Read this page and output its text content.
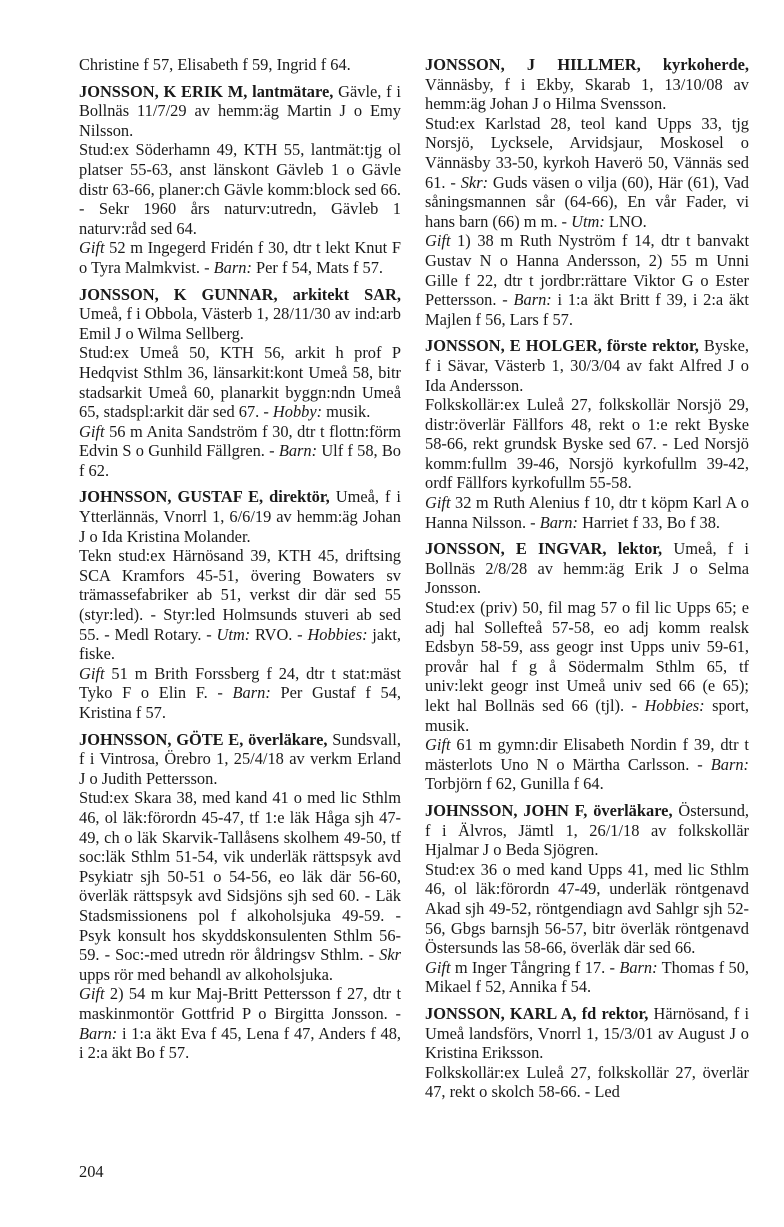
Christine f 57, Elisabeth f 59, Ingrid f 64.

JONSSON, K ERIK M, lantmätare, Gävle, f i Bollnäs 11/7/29 av hemm:äg Martin J o Emy Nilsson.

Stud:ex Söderhamn 49, KTH 55, lantmät:tjg ol platser 55-63, anst länskont Gävleb 1 o Gävle distr 63-66, planer:ch Gävle komm:block sed 66. - Sekr 1960 års naturv:utredn, Gävleb 1 naturv:råd sed 64.

Gift 52 m Ingegerd Fridén f 30, dtr t lekt Knut F o Tyra Malmkvist. - Barn: Per f 54, Mats f 57.

JONSSON, K GUNNAR, arkitekt SAR, Umeå, f i Obbola, Västerb 1, 28/11/30 av ind:arb Emil J o Wilma Sellberg.

Stud:ex Umeå 50, KTH 56, arkit h prof P Hedqvist Sthlm 36, länsarkit:kont Umeå 58, bitr stadsarkit Umeå 60, planarkit byggn:ndn Umeå 65, stadspl:arkit där sed 67. - Hobby: musik.

Gift 56 m Anita Sandström f 30, dtr t flottn:förm Edvin S o Gunhild Fällgren. - Barn: Ulf f 58, Bo f 62.

JOHNSSON, GUSTAF E, direktör, Umeå, f i Ytterlännäs, Vnorrl 1, 6/6/19 av hemm:äg Johan J o Ida Kristina Molander.

Tekn stud:ex Härnösand 39, KTH 45, driftsing SCA Kramfors 45-51, övering Bowaters sv trämassefabriker ab 51, verkst dir där sed 55 (styr:led). - Styr:led Holmsunds stuveri ab sed 55. - Medl Rotary. - Utm: RVO. - Hobbies: jakt, fiske.

Gift 51 m Brith Forssberg f 24, dtr t stat:mäst Tyko F o Elin F. - Barn: Per Gustaf f 54, Kristina f 57.

JOHNSSON, GÖTE E, överläkare, Sundsvall, f i Vintrosa, Örebro 1, 25/4/18 av verkm Erland J o Judith Pettersson.

Stud:ex Skara 38, med kand 41 o med lic Sthlm 46, ol läk:förordn 45-47, tf 1:e läk Håga sjh 47-49, ch o läk Skarvik-Tallåsens skolhem 49-50, tf soc:läk Sthlm 51-54, vik underläk rättspsyk avd Psykiatr sjh 50-51 o 54-56, eo läk där 56-60, överläk rättspsyk avd Sidsjöns sjh sed 60. - Läk Stadsmissionens pol f alkoholsjuka 49-59. - Psyk konsult hos skyddskonsulenten Sthlm 56-59. - Soc:-med utredn rör åldringsv Sthlm. - Skr upps rör med behandl av alkoholsjuka.

Gift 2) 54 m kur Maj-Britt Pettersson f 27, dtr t maskinmontör Gottfrid P o Birgitta Jonsson. - Barn: i 1:a äkt Eva f 45, Lena f 47, Anders f 48, i 2:a äkt Bo f 57.

JONSSON, J HILLMER, kyrkoherde, Vännäsby, f i Ekby, Skarab 1, 13/10/08 av hemm:äg Johan J o Hilma Svensson.

Stud:ex Karlstad 28, teol kand Upps 33, tjg Norsjö, Lycksele, Arvidsjaur, Moskosel o Vännäsby 33-50, kyrkoh Haverö 50, Vännäs sed 61. - Skr: Guds väsen o vilja (60), Här (61), Vad såningsmannen sår (64-66), En vår Fader, vi hans barn (66) m m. - Utm: LNO.

Gift 1) 38 m Ruth Nyström f 14, dtr t banvakt Gustav N o Hanna Andersson, 2) 55 m Unni Gille f 22, dtr t jordbr:rättare Viktor G o Ester Pettersson. - Barn: i 1:a äkt Britt f 39, i 2:a äkt Majlen f 56, Lars f 57.

JONSSON, E HOLGER, förste rektor, Byske, f i Sävar, Västerb 1, 30/3/04 av fakt Alfred J o Ida Andersson.

Folkskollär:ex Luleå 27, folkskollär Norsjö 29, distr:överlär Fällfors 48, rekt o 1:e rekt Byske 58-66, rekt grundsk Byske sed 67. - Led Norsjö komm:fullm 39-46, Norsjö kyrkofullm 39-42, ordf Fällfors kyrkofullm 55-58.

Gift 32 m Ruth Alenius f 10, dtr t köpm Karl A o Hanna Nilsson. - Barn: Harriet f 33, Bo f 38.

JONSSON, E INGVAR, lektor, Umeå, f i Bollnäs 2/8/28 av hemm:äg Erik J o Selma Jonsson.

Stud:ex (priv) 50, fil mag 57 o fil lic Upps 65; e adj hal Sollefteå 57-58, eo adj komm realsk Edsbyn 58-59, ass geogr inst Upps univ 59-61, provår hal f g å Södermalm Sthlm 65, tf univ:lekt geogr inst Umeå univ sed 66 (e 65); lekt hal Bollnäs sed 66 (tjl). - Hobbies: sport, musik.

Gift 61 m gymn:dir Elisabeth Nordin f 39, dtr t mästerlots Uno N o Märtha Carlsson. - Barn: Torbjörn f 62, Gunilla f 64.

JOHNSSON, JOHN F, överläkare, Östersund, f i Älvros, Jämtl 1, 26/1/18 av folkskollär Hjalmar J o Beda Sjögren.

Stud:ex 36 o med kand Upps 41, med lic Sthlm 46, ol läk:förordn 47-49, underläk röntgenavd Akad sjh 49-52, röntgendiagn avd Sahlgr sjh 52-56, Gbgs barnsjh 56-57, bitr överläk röntgenavd Östersunds las 58-66, överläk där sed 66.

Gift m Inger Tångring f 17. - Barn: Thomas f 50, Mikael f 52, Annika f 54.

JONSSON, KARL A, fd rektor, Härnösand, f i Umeå landsförs, Vnorrl 1, 15/3/01 av August J o Kristina Eriksson.

Folkskollär:ex Luleå 27, folkskollär 27, överlär 47, rekt o skolch 58-66. - Led

204
